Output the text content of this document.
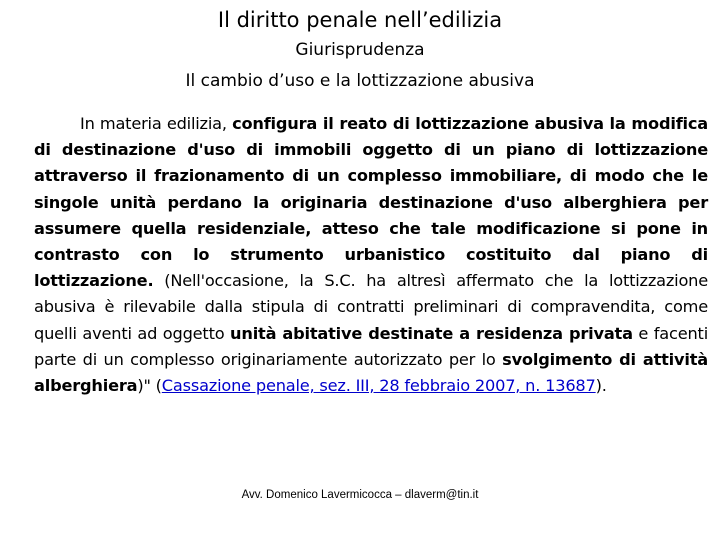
Il diritto penale nell’edilizia
Giurisprudenza
Il cambio d’uso e la lottizzazione abusiva
In materia edilizia, configura il reato di lottizzazione abusiva la modifica di destinazione d'uso di immobili oggetto di un piano di lottizzazione attraverso il frazionamento di un complesso immobiliare, di modo che le singole unità perdano la originaria destinazione d'uso alberghiera per assumere quella residenziale, atteso che tale modificazione si pone in contrasto con lo strumento urbanistico costituito dal piano di lottizzazione. (Nell'occasione, la S.C. ha altresì affermato che la lottizzazione abusiva è rilevabile dalla stipula di contratti preliminari di compravendita, come quelli aventi ad oggetto unità abitative destinate a residenza privata e facenti parte di un complesso originariamente autorizzato per lo svolgimento di attività alberghiera)" (Cassazione penale, sez. III, 28 febbraio 2007, n. 13687).
Avv. Domenico Lavermicocca – dlaverm@tin.it
